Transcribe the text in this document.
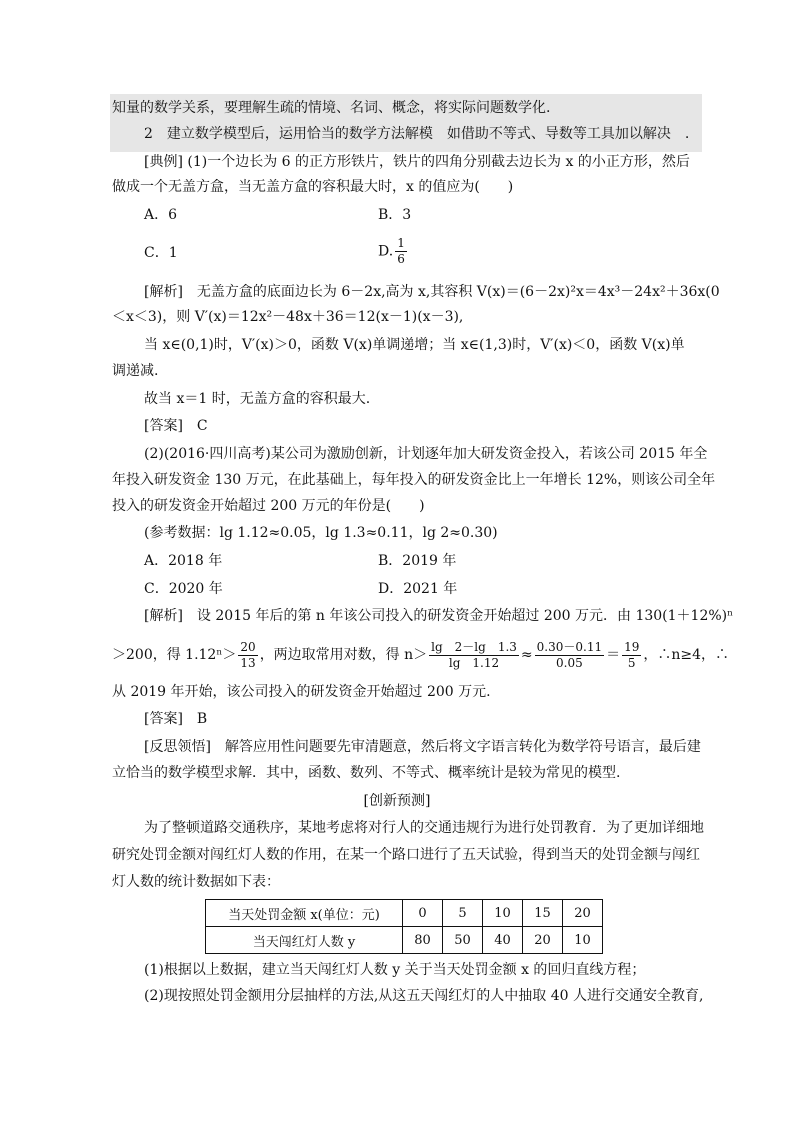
知量的数学关系，要理解生疏的情境、名词、概念，将实际问题数学化.
2　建立数学模型后，运用恰当的数学方法解模　如借助不等式、导数等工具加以解决　.
[典例] (1)一个边长为 6 的正方形铁片，铁片的四角分别截去边长为 x 的小正方形，然后
做成一个无盖方盒，当无盖方盒的容积最大时，x 的值应为(　　)
A．6	B．3
C．1	D. $\frac{1}{6}$
[解析]　无盖方盒的底面边长为 6－2x,高为 x,其容积 V(x)＝(6－2x)²x＝4x³－24x²＋36x(0
＜x＜3)，则 V′(x)＝12x²－48x＋36＝12(x－1)(x－3),
当 x∈(0,1)时，V′(x)＞0，函数 V(x)单调递增；当 x∈(1,3)时，V′(x)＜0，函数 V(x)单
调递减.
故当 x＝1 时，无盖方盒的容积最大.
[答案]　C
(2)(2016·四川高考)某公司为激励创新，计划逐年加大研发资金投入，若该公司 2015 年全
年投入研发资金 130 万元，在此基础上，每年投入的研发资金比上一年增长 12%，则该公司全年
投入的研发资金开始超过 200 万元的年份是(　　)
(参考数据：lg 1.12≈0.05，lg 1.3≈0.11，lg 2≈0.30)
A．2018 年	B．2019 年
C．2020 年	D．2021 年
[解析]　设 2015 年后的第 n 年该公司投入的研发资金开始超过 200 万元．由 130(1＋12%)ⁿ
＞200，得 $1.12^n> \frac{20}{13}$ ，两边取常用对数，得 $n> \frac{\lg 2-\lg 1.3}{\lg 1.12} \approx \frac{0.30-0.11}{0.05} = \frac{19}{5}$ ，∴n≥4，∴
从 2019 年开始，该公司投入的研发资金开始超过 200 万元.
[答案]　B
[反思领悟]　解答应用性问题要先审清题意，然后将文字语言转化为数学符号语言，最后建
立恰当的数学模型求解．其中，函数、数列、不等式、概率统计是较为常见的模型.
[创新预测]
为了整顿道路交通秩序，某地考虑将对行人的交通违规行为进行处罚教育．为了更加详细地
研究处罚金额对闯红灯人数的作用，在某一个路口进行了五天试验，得到当天的处罚金额与闯红
灯人数的统计数据如下表：
当天处罚金额 x(单位：元)	0	5	10	15	20
当天闯红灯人数 y	80	50	40	20	10
(1)根据以上数据，建立当天闯红灯人数 y 关于当天处罚金额 x 的回归直线方程；
(2)现按照处罚金额用分层抽样的方法,从这五天闯红灯的人中抽取 40 人进行交通安全教育,
